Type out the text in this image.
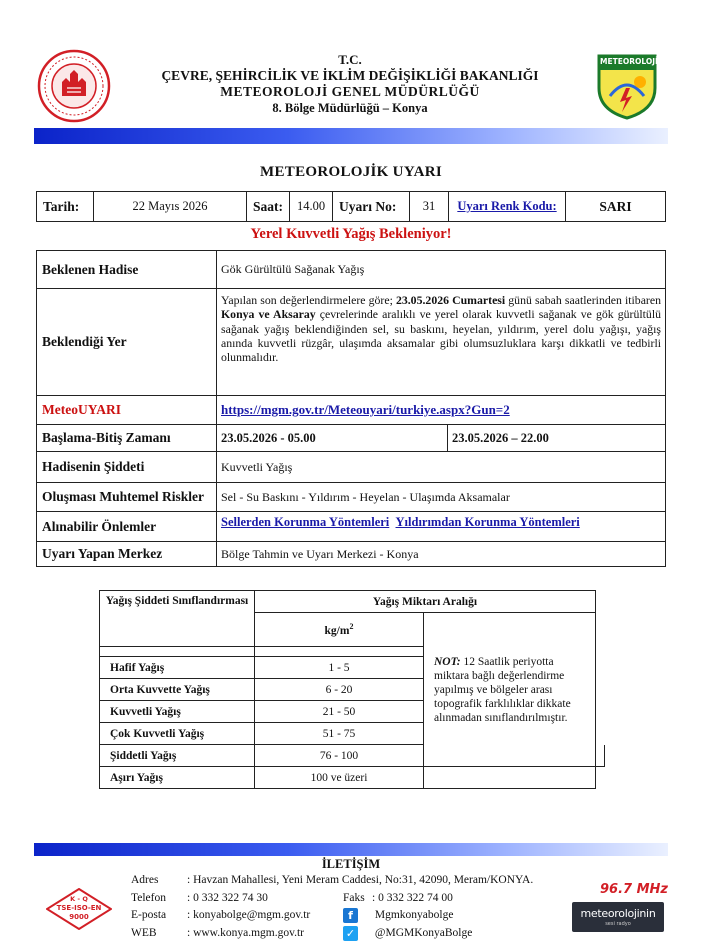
T.C.
ÇEVRE, ŞEHİRCİLİK VE İKLİM DEĞİŞİKLİĞİ BAKANLIĞI
METEOROLOJİ GENEL MÜDÜRLÜĞÜ
8. Bölge Müdürlüğü – Konya
METEOROLOJİ
METEOROLOJİK UYARI
Tarih:	22 Mayıs 2026	Saat:	14.00	Uyarı No:	31	Uyarı Renk Kodu:	SARI
Yerel Kuvvetli Yağış Bekleniyor!
Beklenen Hadise	Gök Gürültülü Sağanak Yağış	
Beklendiği Yer	Yapılan son değerlendirmelere göre; 23.05.2026 Cumartesi günü sabah saatlerinden itibaren Konya ve Aksaray çevrelerinde aralıklı ve yerel olarak kuvvetli sağanak ve gök gürültülü sağanak yağış beklendiğinden sel, su baskını, heyelan, yıldırım, yerel dolu yağışı, yağış anında kuvvetli rüzgâr, ulaşımda aksamalar gibi olumsuzluklara karşı dikkatli ve tedbirli olunmalıdır.	
MeteoUYARI	https://mgm.gov.tr/Meteouyari/turkiye.aspx?Gun=2	
Başlama-Bitiş Zamanı	23.05.2026 - 05.00	23.05.2026 – 22.00
Hadisenin Şiddeti	Kuvvetli Yağış	
Oluşması Muhtemel Riskler	Sel - Su Baskını - Yıldırım - Heyelan - Ulaşımda Aksamalar	
Alınabilir Önlemler	Sellerden Korunma Yöntemleri Yıldırımdan Korunma Yöntemleri	
Uyarı Yapan Merkez	Bölge Tahmin ve Uyarı Merkezi - Konya	
Yağış Şiddeti Sınıflandırması	Yağış Miktarı Aralığı		
	$kg/m^2$	NOT: 12 Saatlik periyotta miktara bağlı değerlendirme yapılmış ve bölgeler arası topografik farklılıklar dikkate alınmadan sınıflandırılmıştır.	

Hafif Yağış	1 - 5		
Orta Kuvvette Yağış	6 - 20		
Kuvvetli Yağış	21 - 50		
Çok Kuvvetli Yağış	51 - 75		
Şiddetli Yağış	76 - 100		
Aşırı Yağış	100 ve üzeri		
İLETİŞİM
Adres : Havzan Mahallesi, Yeni Meram Caddesi, No:31, 42090, Meram/KONYA.
Telefon : 0 332 322 74 30	Faks : 0 332 322 74 00
E-posta : konyabolge@mgm.gov.tr	f Mgmkonyabolge
WEB	: www.konya.mgm.gov.tr	✓ @MGMKonyaBolge
K - Q
TSE-ISO-EN
9000
96.7 MHz
meteorolojinin
sesi radyo
